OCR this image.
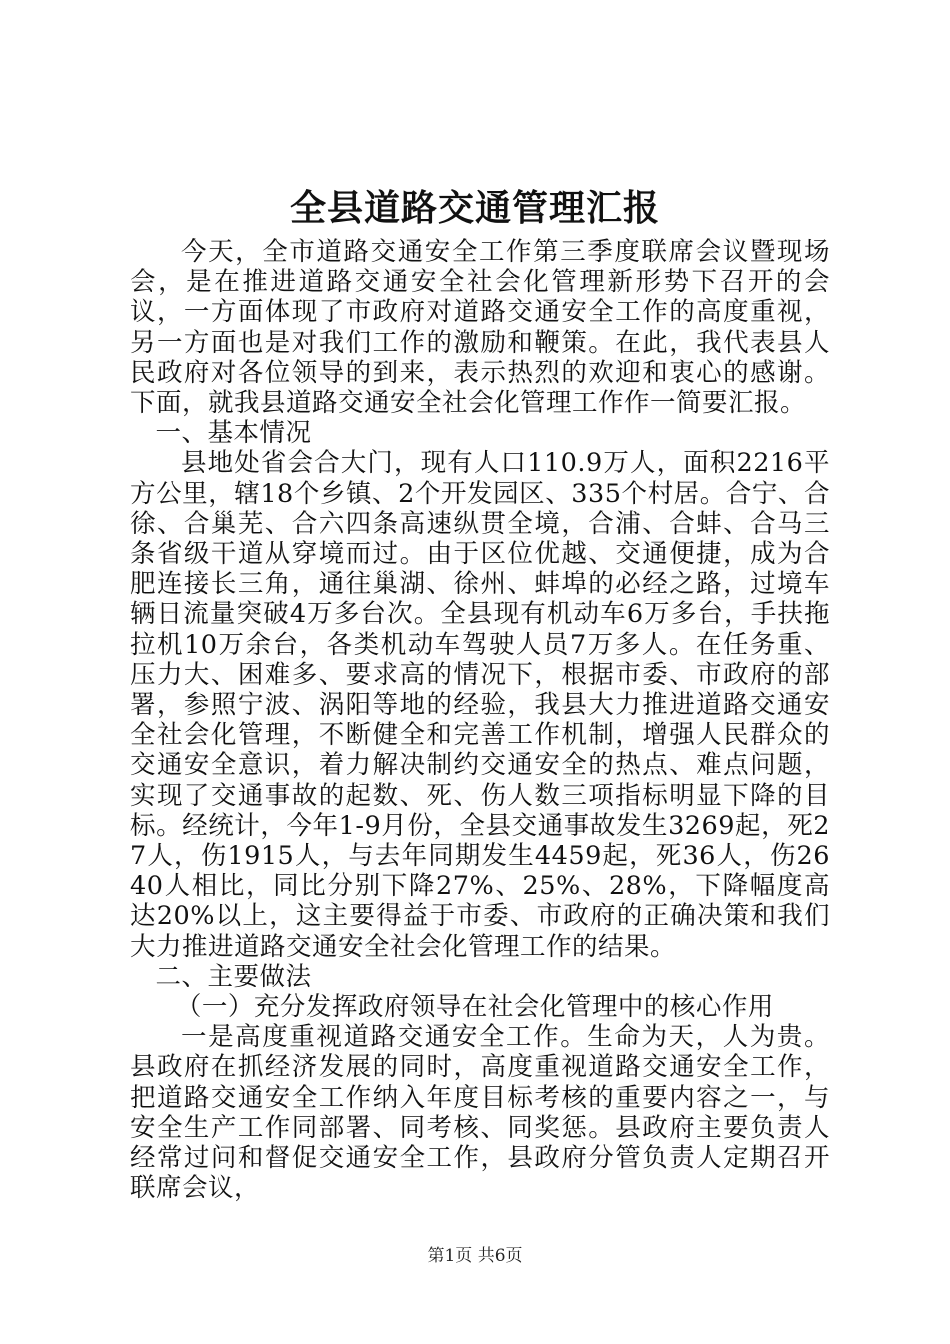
全县道路交通管理汇报

今天，全市道路交通安全工作第三季度联席会议暨现场会，是在推进道路交通安全社会化管理新形势下召开的会议，一方面体现了市政府对道路交通安全工作的高度重视，另一方面也是对我们工作的激励和鞭策。在此，我代表县人民政府对各位领导的到来，表示热烈的欢迎和衷心的感谢。下面，就我县道路交通安全社会化管理工作作一简要汇报。

一、基本情况

县地处省会合大门，现有人口110.9万人，面积2216平方公里，辖18个乡镇、2个开发园区、335个村居。合宁、合徐、合巢芜、合六四条高速纵贯全境，合浦、合蚌、合马三条省级干道从穿境而过。由于区位优越、交通便捷，成为合肥连接长三角，通往巢湖、徐州、蚌埠的必经之路，过境车辆日流量突破4万多台次。全县现有机动车6万多台，手扶拖拉机10万余台，各类机动车驾驶人员7万多人。在任务重、压力大、困难多、要求高的情况下，根据市委、市政府的部署，参照宁波、涡阳等地的经验，我县大力推进道路交通安全社会化管理，不断健全和完善工作机制，增强人民群众的交通安全意识，着力解决制约交通安全的热点、难点问题，实现了交通事故的起数、死、伤人数三项指标明显下降的目标。经统计，今年1-9月份，全县交通事故发生3269起，死27人，伤1915人，与去年同期发生4459起，死36人，伤2640人相比，同比分别下降27%、25%、28%，下降幅度高达20%以上，这主要得益于市委、市政府的正确决策和我们大力推进道路交通安全社会化管理工作的结果。

二、主要做法

（一）充分发挥政府领导在社会化管理中的核心作用

一是高度重视道路交通安全工作。生命为天，人为贵。县政府在抓经济发展的同时，高度重视道路交通安全工作，把道路交通安全工作纳入年度目标考核的重要内容之一，与安全生产工作同部署、同考核、同奖惩。县政府主要负责人经常过问和督促交通安全工作，县政府分管负责人定期召开联席会议，

第1页 共6页
